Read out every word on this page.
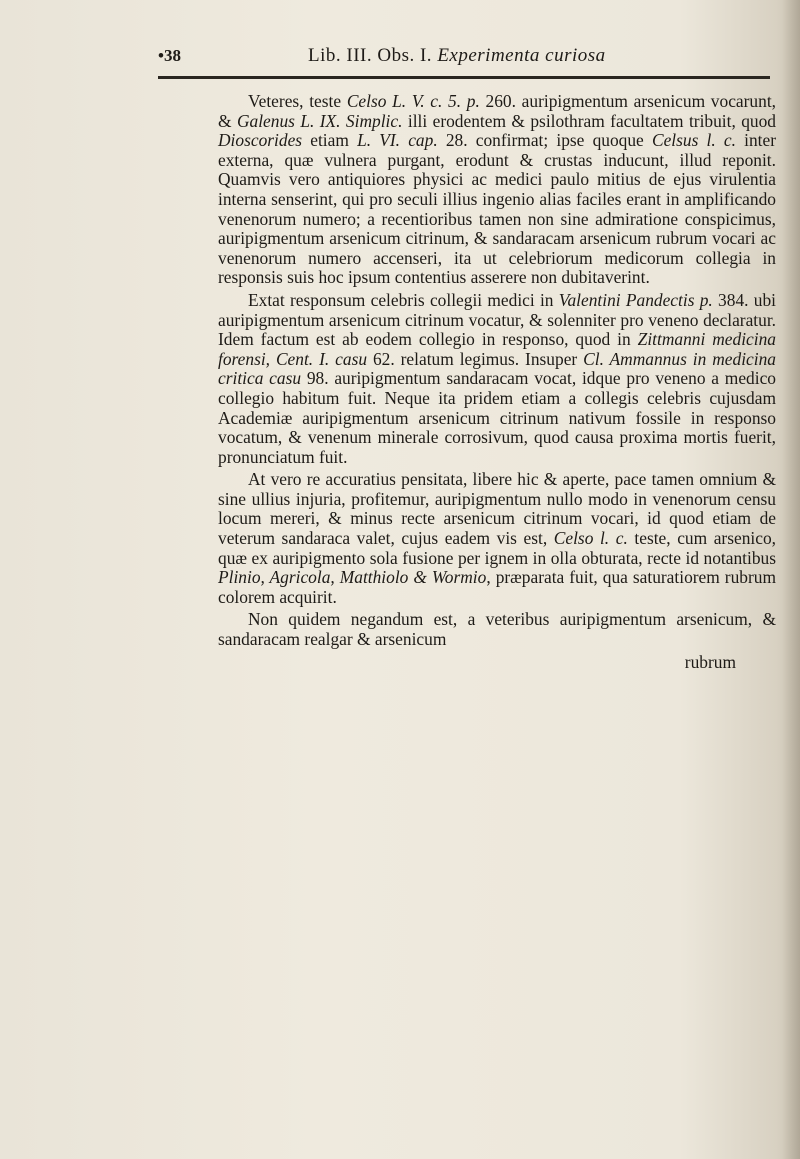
•38	Lib. III. Obs. I. Experimenta curiosa

Veteres, teste Celso L. V. c. 5. p. 260. auripigmentum arsenicum vocarunt, & Galenus L. IX. Simplic. illi erodentem & psilothram facultatem tribuit, quod Dioscorides etiam L. VI. cap. 28. confirmat; ipse quoque Celsus l. c. inter externa, quæ vulnera purgant, erodunt & crustas inducunt, illud reponit. Quamvis vero antiquiores physici ac medici paulo mitius de ejus virulentia interna senserint, qui pro seculi illius ingenio alias faciles erant in amplificando venenorum numero; a recentioribus tamen non sine admiratione conspicimus, auripigmentum arsenicum citrinum, & sandaracam arsenicum rubrum vocari ac venenorum numero accenseri, ita ut celebriorum medicorum collegia in responsis suis hoc ipsum contentius asserere non dubitaverint.

Extat responsum celebris collegii medici in Valentini Pandectis p. 384. ubi auripigmentum arsenicum citrinum vocatur, & solenniter pro veneno declaratur. Idem factum est ab eodem collegio in responso, quod in Zittmanni medicina forensi, Cent. I. casu 62. relatum legimus. Insuper Cl. Ammannus in medicina critica casu 98. auripigmentum sandaracam vocat, idque pro veneno a medico collegio habitum fuit. Neque ita pridem etiam a collegis celebris cujusdam Academiæ auripigmentum arsenicum citrinum nativum fossile in responso vocatum, & venenum minerale corrosivum, quod causa proxima mortis fuerit, pronunciatum fuit.

At vero re accuratius pensitata, libere hic & aperte, pace tamen omnium & sine ullius injuria, profitemur, auripigmentum nullo modo in venenorum censu locum mereri, & minus recte arsenicum citrinum vocari, id quod etiam de veterum sandaraca valet, cujus eadem vis est, Celso l. c. teste, cum arsenico, quæ ex auripigmento sola fusione per ignem in olla obturata, recte id notantibus Plinio, Agricola, Matthiolo & Wormio, præparata fuit, qua saturatiorem rubrum colorem acquirit.

Non quidem negandum est, a veteribus auripigmentum arsenicum, & sandaracam realgar & arsenicum

rubrum
